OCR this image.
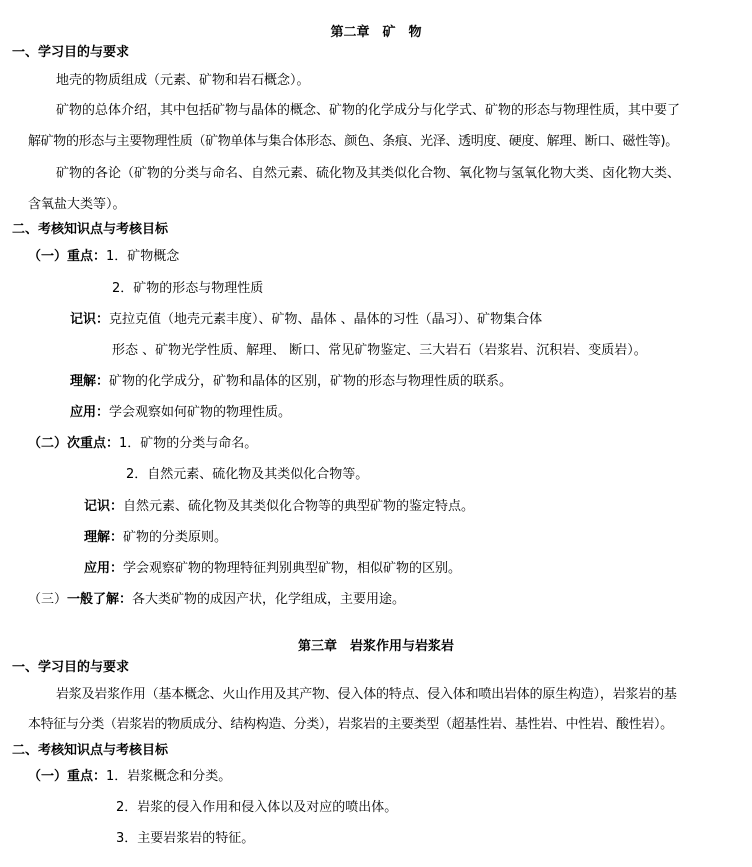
第二章　矿　物
一、学习目的与要求
地壳的物质组成（元素、矿物和岩石概念）。
矿物的总体介绍，其中包括矿物与晶体的概念、矿物的化学成分与化学式、矿物的形态与物理性质，其中要了
解矿物的形态与主要物理性质（矿物单体与集合体形态、颜色、条痕、光泽、透明度、硬度、解理、断口、磁性等)。
矿物的各论（矿物的分类与命名、自然元素、硫化物及其类似化合物、氧化物与氢氧化物大类、卤化物大类、
含氧盐大类等）。
二、考核知识点与考核目标
（一）重点：1．矿物概念
2．矿物的形态与物理性质
记识：克拉克值（地壳元素丰度）、矿物、晶体 、晶体的习性（晶习）、矿物集合体
形态 、矿物光学性质、解理、 断口、常见矿物鉴定、三大岩石（岩浆岩、沉积岩、变质岩）。
理解：矿物的化学成分，矿物和晶体的区别，矿物的形态与物理性质的联系。
应用：学会观察如何矿物的物理性质。
（二）次重点：1．矿物的分类与命名。
2．自然元素、硫化物及其类似化合物等。
记识：自然元素、硫化物及其类似化合物等的典型矿物的鉴定特点。
理解：矿物的分类原则。
应用：学会观察矿物的物理特征判别典型矿物，相似矿物的区别。
（三）一般了解：各大类矿物的成因产状，化学组成，主要用途。
第三章　岩浆作用与岩浆岩
一、学习目的与要求
岩浆及岩浆作用（基本概念、火山作用及其产物、侵入体的特点、侵入体和喷出岩体的原生构造），岩浆岩的基
本特征与分类（岩浆岩的物质成分、结构构造、分类），岩浆岩的主要类型（超基性岩、基性岩、中性岩、酸性岩）。
二、考核知识点与考核目标
（一）重点：1．岩浆概念和分类。
2．岩浆的侵入作用和侵入体以及对应的喷出体。
3．主要岩浆岩的特征。
